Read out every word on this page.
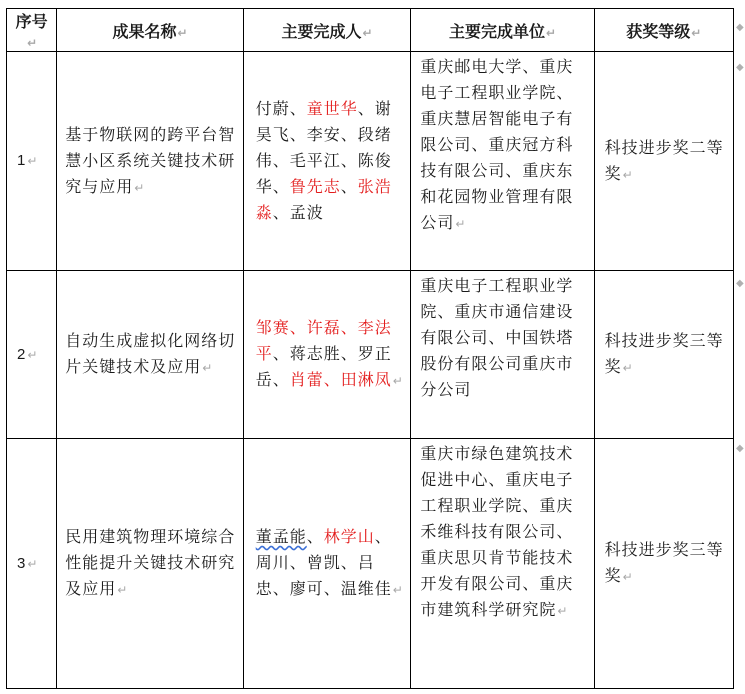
序号↵	成果名称↵	主要完成人↵	主要完成单位↵	获奖等级↵
1↵	基于物联网的跨平台智慧小区系统关键技术研究与应用↵	付蔚、童世华、谢昊飞、李安、段绪伟、毛平江、陈俊华、鲁先志、张浩淼、孟波	重庆邮电大学、重庆电子工程职业学院、重庆慧居智能电子有限公司、重庆冠方科技有限公司、重庆东和花园物业管理有限公司↵	科技进步奖二等奖↵
2↵	自动生成虚拟化网络切片关键技术及应用↵	邹赛、许磊、李法平、蒋志胜、罗正岳、肖蕾、田淋凤↵	重庆电子工程职业学院、重庆市通信建设有限公司、中国铁塔股份有限公司重庆市分公司	科技进步奖三等奖↵
3↵	民用建筑物理环境综合性能提升关键技术研究及应用↵	董孟能、林学山、周川、曾凯、吕忠、廖可、温维佳↵	重庆市绿色建筑技术促进中心、重庆电子工程职业学院、重庆禾维科技有限公司、重庆思贝肯节能技术开发有限公司、重庆市建筑科学研究院↵	科技进步奖三等奖↵
◆
◆
◆
◆
